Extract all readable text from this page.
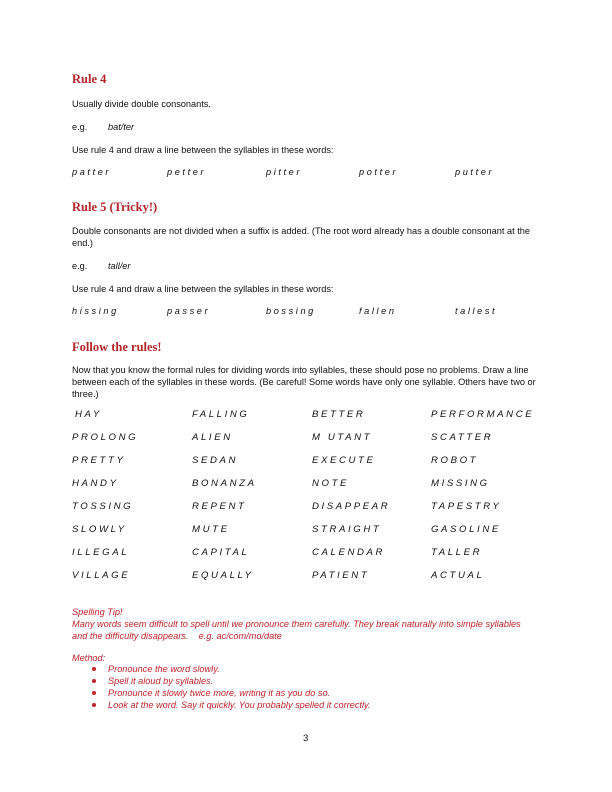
Rule 4
Usually divide double consonants.
e.g. bat/ter
Use rule 4 and draw a line between the syllables in these words:
patter	petter	pitter	potter	putter
Rule 5 (Tricky!)
Double consonants are not divided when a suffix is added. (The root word already has a double consonant at the end.)
e.g. tall/er
Use rule 4 and draw a line between the syllables in these words:
hissing	passer	bossing	fallen	tallest
Follow the rules!
Now that you know the formal rules for dividing words into syllables, these should pose no problems. Draw a line between each of the syllables in these words. (Be careful! Some words have only one syllable. Others have two or three.)
HAY	FALLING	BETTER	PERFORMANCE
PROLONG	ALIEN	M UTANT	SCATTER
PRETTY	SEDAN	EXECUTE	ROBOT
HANDY	BONANZA	NOTE	MISSING
TOSSING	REPENT	DISAPPEAR	TAPESTRY
SLOWLY	MUTE	STRAIGHT	GASOLINE
ILLEGAL	CAPITAL	CALENDAR	TALLER
VILLAGE	EQUALLY	PATIENT	ACTUAL
Spelling Tip!
Many words seem difficult to spell until we pronounce them carefully. They break naturally into simple syllables and the difficulty disappears. e.g. ac/com/mo/date
Method:
Pronounce the word slowly.
Spell it aloud by syllables.
Pronounce it slowly twice more, writing it as you do so.
Look at the word. Say it quickly. You probably spelled it correctly.
3
